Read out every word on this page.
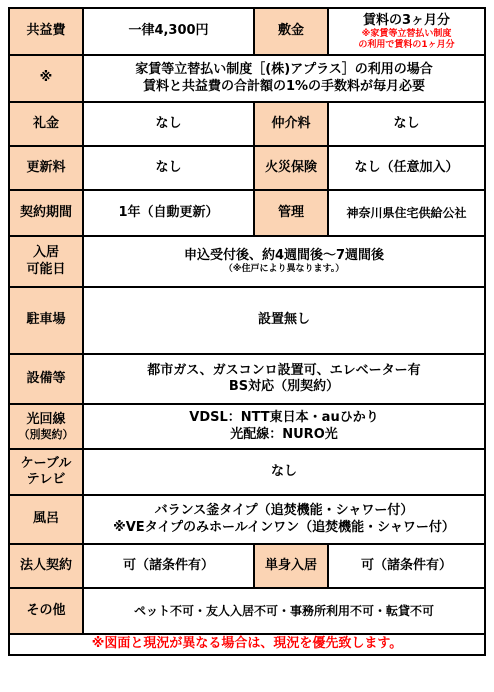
共益費	一律4,300円	敷金	賃料の3ヶ月分
※家賃等立替払い制度
の利用で賃料の1ヶ月分

※	家賃等立替払い制度［(株)アプラス］の利用の場合
賃料と共益費の合計額の1%の手数料が毎月必要		

礼金	なし	仲介料	なし
更新料	なし	火災保険	なし（任意加入）
契約期間	1年（自動更新）	管理	神奈川県住宅供給公社

入居
可能日	申込受付後、約4週間後～7週間後
（※住戸により異なります。）		

駐車場	設置無し		
設備等	都市ガス、ガスコンロ設置可、エレベーター有
BS対応（別契約）		

光回線
（別契約）	VDSL：NTT東日本・auひかり
光配線：NURO光		

ケーブル
テレビ	なし		
風呂	バランス釜タイプ（追焚機能・シャワー付）
※VEタイプのみホールインワン（追焚機能・シャワー付）		

法人契約	可（諸条件有）	単身入居	可（諸条件有）
その他	ペット不可・友人入居不可・事務所利用不可・転貸不可		
※図面と現況が異なる場合は、現況を優先致します。			
